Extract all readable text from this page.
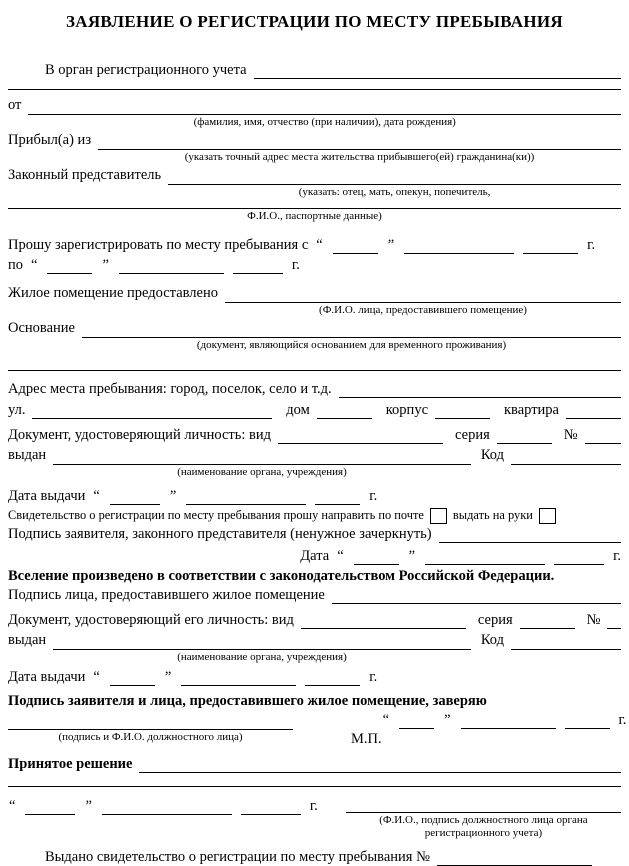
ЗАЯВЛЕНИЕ О РЕГИСТРАЦИИ ПО МЕСТУ ПРЕБЫВАНИЯ
В орган регистрационного учета
от
(фамилия, имя, отчество (при наличии), дата рождения)
Прибыл(а) из
(указать точный адрес места жительства прибывшего(ей) гражданина(ки))
Законный представитель
(указать: отец, мать, опекун, попечитель,
Ф.И.О., паспортные данные)
Прошу зарегистрировать по месту пребывания с “	”	г.
по “	”	г.
Жилое помещение предоставлено
(Ф.И.О. лица, предоставившего помещение)
Основание
(документ, являющийся основанием для временного проживания)
Адрес места пребывания: город, поселок, село и т.д.
ул.	дом	корпус	квартира
Документ, удостоверяющий личность: вид	серия	№
выдан
(наименование органа, учреждения)
Код
Дата выдачи “	”	г.
Свидетельство о регистрации по месту пребывания прошу направить по почте выдать на руки
Подпись заявителя, законного представителя (ненужное зачеркнуть)
Дата “	”	г.
Вселение произведено в соответствии с законодательством Российской Федерации.
Подпись лица, предоставившего жилое помещение
Документ, удостоверяющий его личность: вид	серия	№
выдан
(наименование органа, учреждения)
Код
Дата выдачи “	”	г.
Подпись заявителя и лица, предоставившего жилое помещение, заверяю
(подпись и Ф.И.О. должностного лица)	М.П.
“	”	г.
Принятое решение
“	”	г.
(Ф.И.О., подпись должностного лица органа регистрационного учета)
Выдано свидетельство о регистрации по месту пребывания №
